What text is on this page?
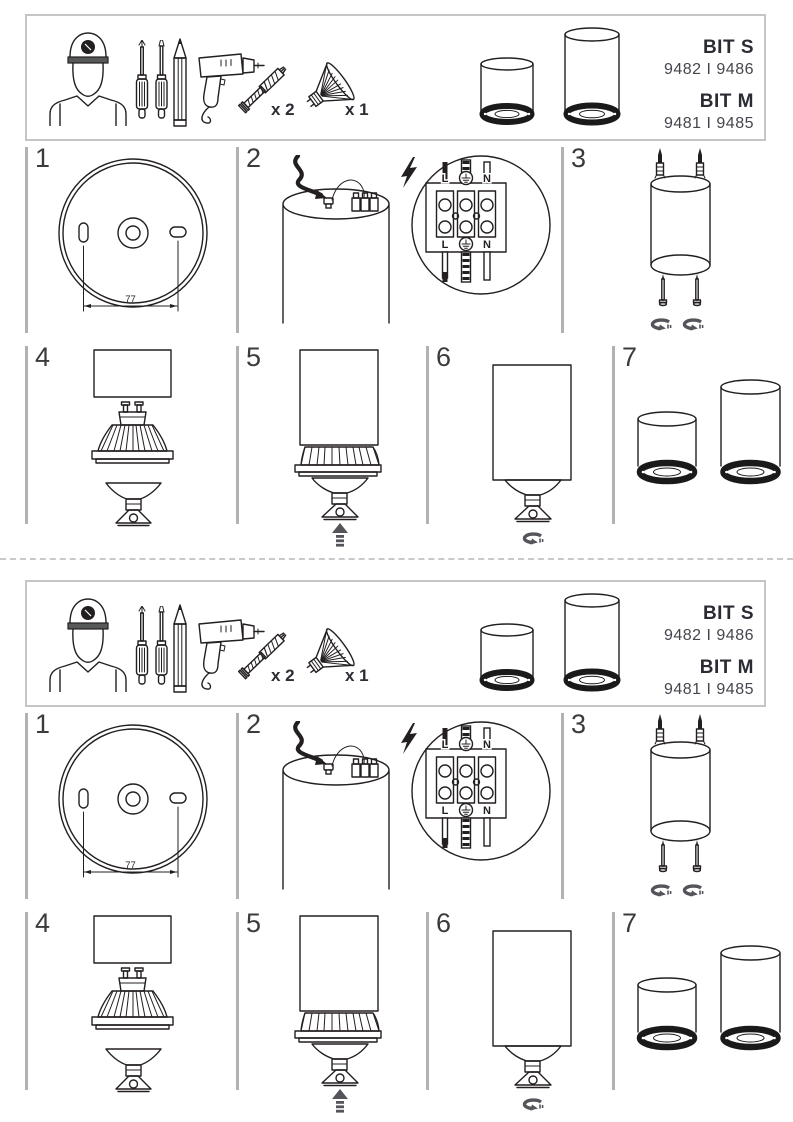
x 2	x 1
BIT S
9482 I 9486
BIT M
9481 I 9485
1
77
2
L	N
L	N
3
4	5	6	7
x 2	x 1
BIT S
9482 I 9486
BIT M
9481 I 9485
1
77
2
L	N
L	N
3
4	5	6	7
